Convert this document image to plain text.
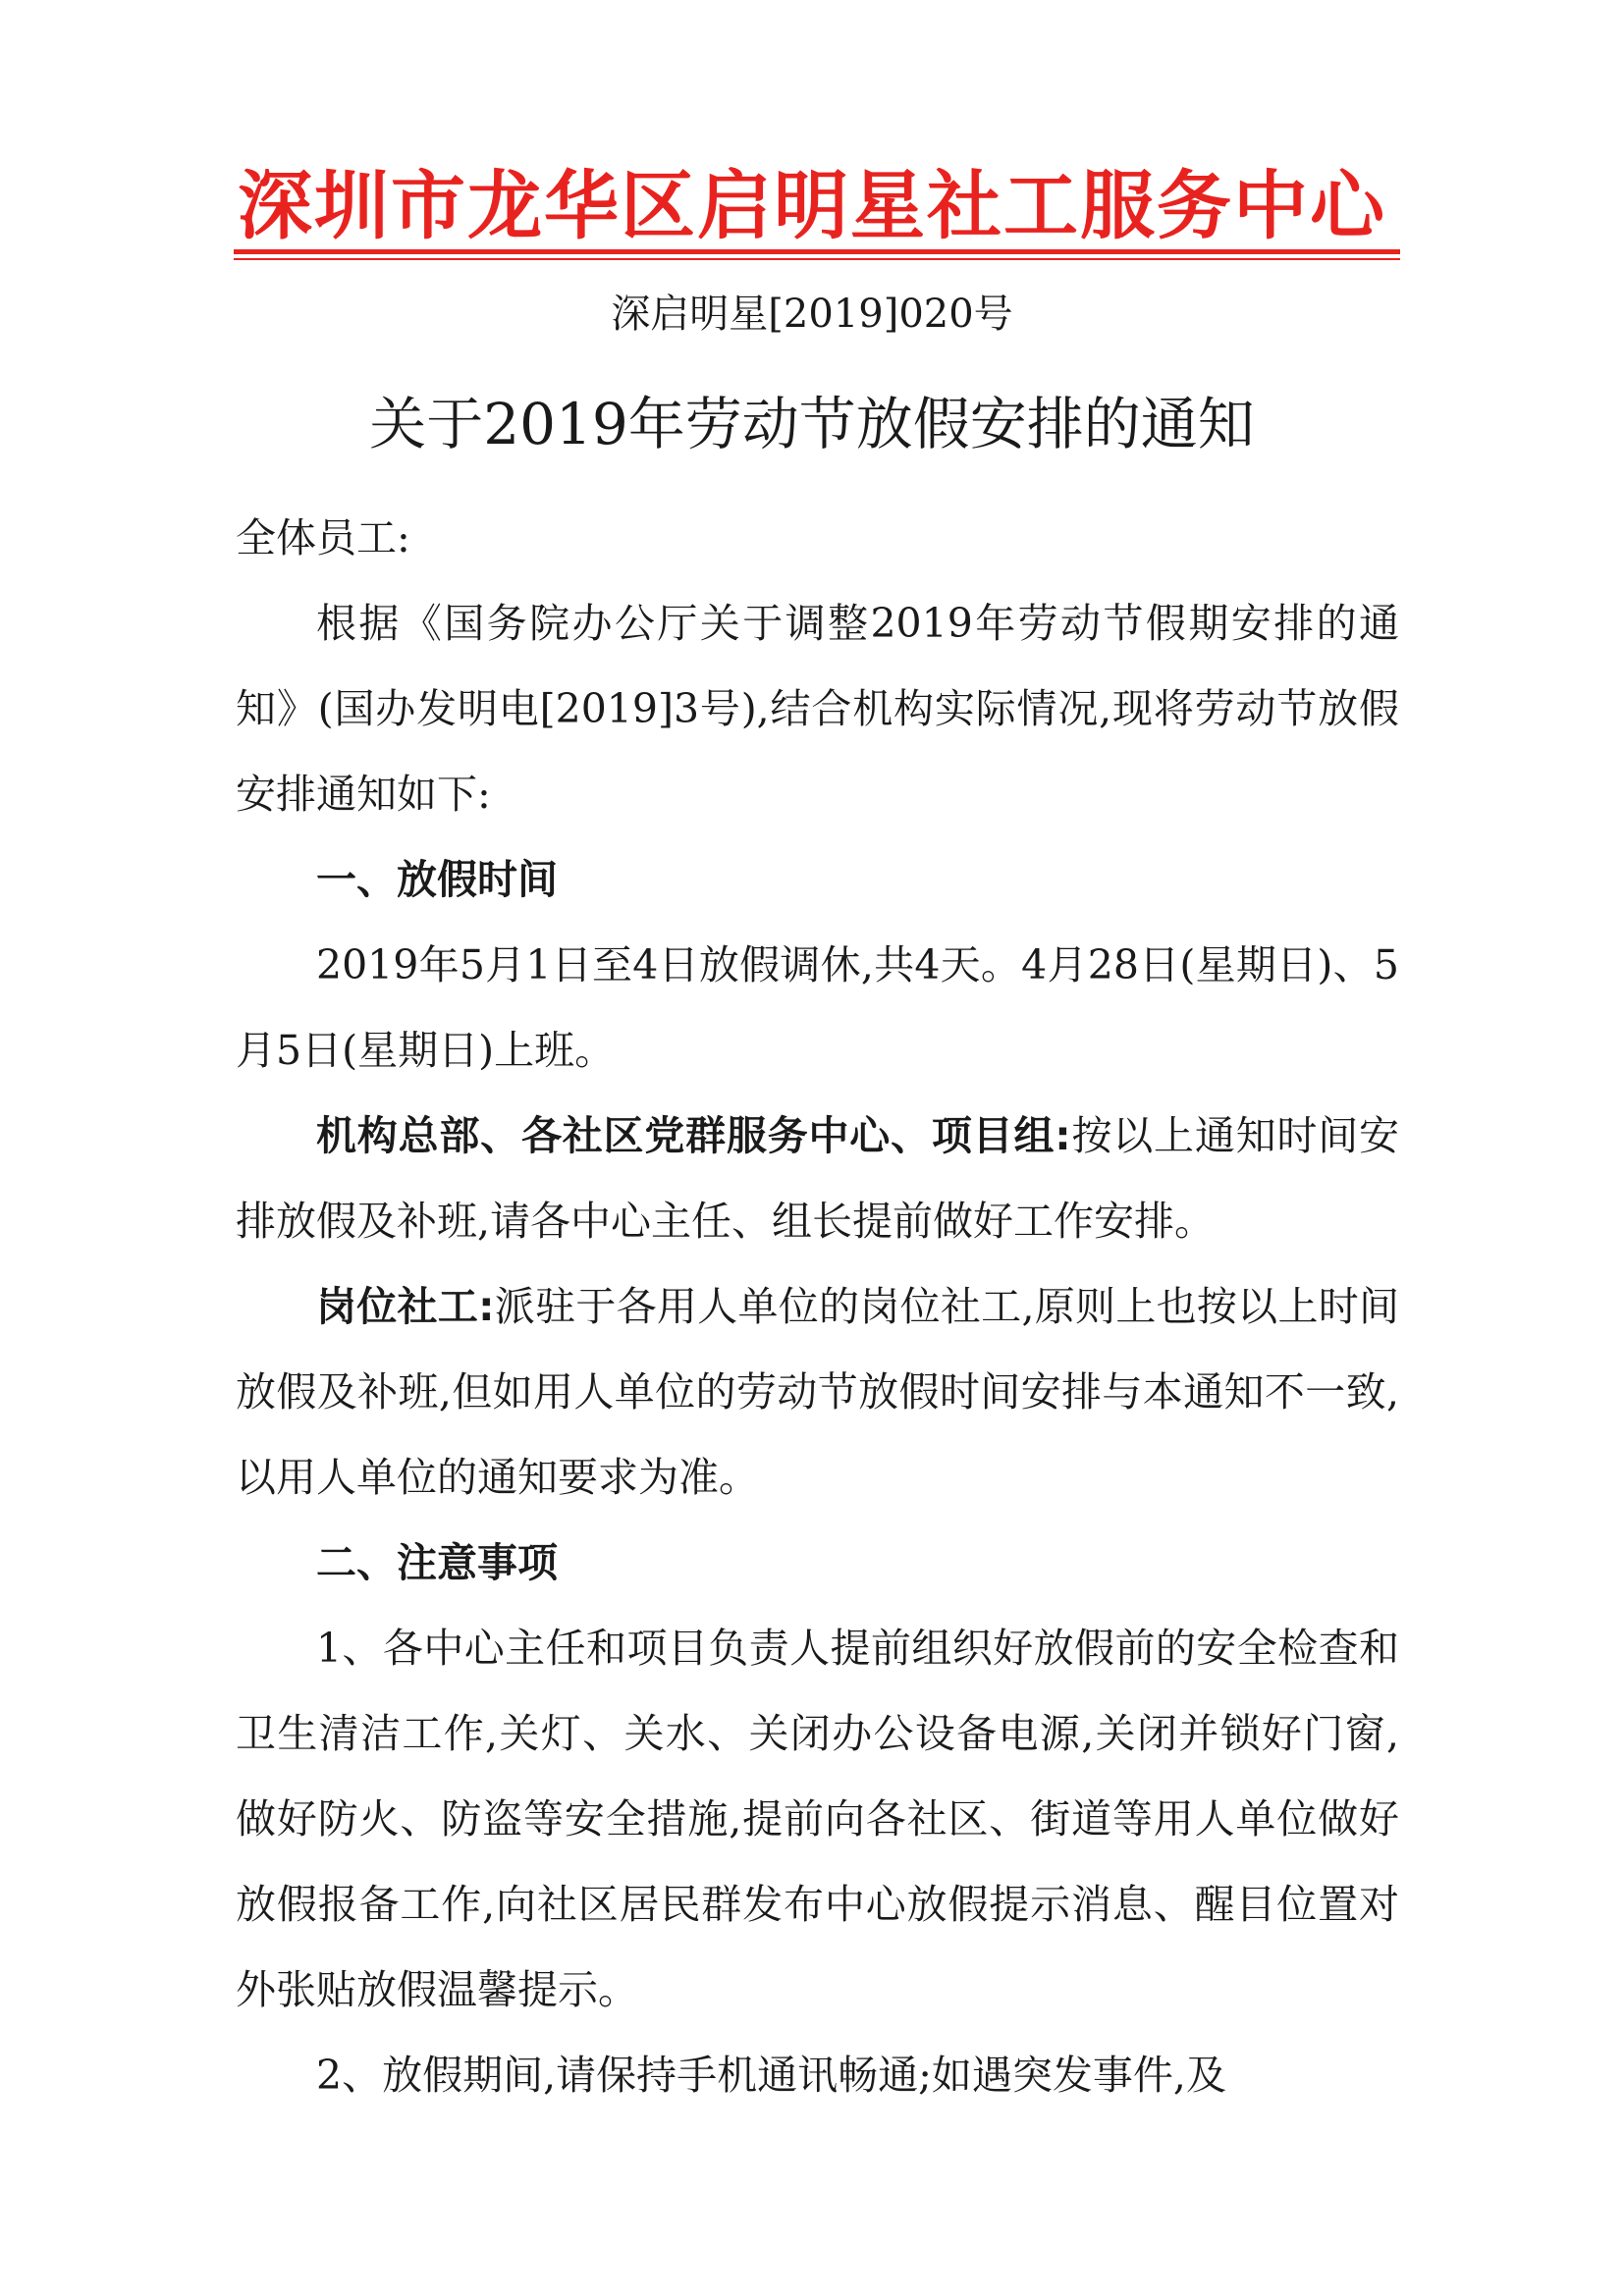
深圳市龙华区启明星社工服务中心
深启明星[2019]020号
关于2019年劳动节放假安排的通知

全体员工:

根据《国务院办公厅关于调整2019年劳动节假期安排的通知》(国办发明电[2019]3号),结合机构实际情况,现将劳动节放假安排通知如下:

一、放假时间

2019年5月1日至4日放假调休,共4天。4月28日(星期日)、5月5日(星期日)上班。

机构总部、各社区党群服务中心、项目组:按以上通知时间安排放假及补班,请各中心主任、组长提前做好工作安排。

岗位社工:派驻于各用人单位的岗位社工,原则上也按以上时间放假及补班,但如用人单位的劳动节放假时间安排与本通知不一致,以用人单位的通知要求为准。

二、注意事项

1、各中心主任和项目负责人提前组织好放假前的安全检查和卫生清洁工作,关灯、关水、关闭办公设备电源,关闭并锁好门窗,做好防火、防盗等安全措施,提前向各社区、街道等用人单位做好放假报备工作,向社区居民群发布中心放假提示消息、醒目位置对外张贴放假温馨提示。

2、放假期间,请保持手机通讯畅通;如遇突发事件,及
